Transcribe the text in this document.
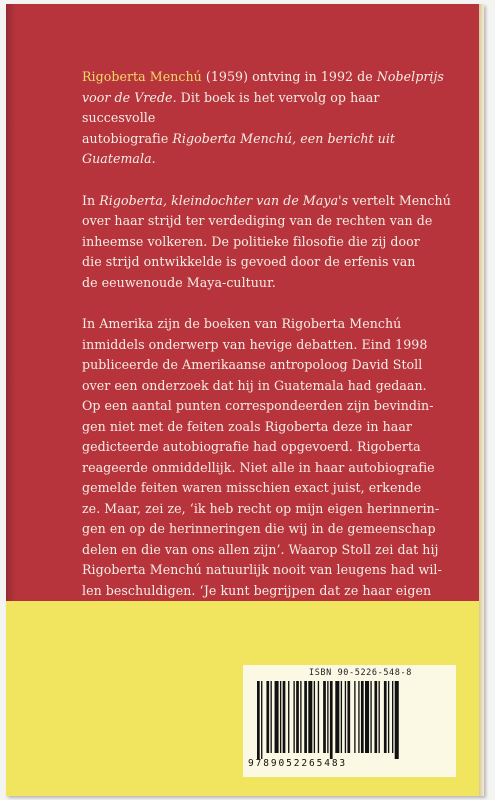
Rigoberta Menchú (1959) ontving in 1992 de Nobelprijs
voor de Vrede. Dit boek is het vervolg op haar succesvolle
autobiografie Rigoberta Menchú, een bericht uit Guatemala.

In Rigoberta, kleindochter van de Maya's vertelt Menchú
over haar strijd ter verdediging van de rechten van de
inheemse volkeren. De politieke filosofie die zij door
die strijd ontwikkelde is gevoed door de erfenis van
de eeuwenoude Maya-cultuur.

In Amerika zijn de boeken van Rigoberta Menchú
inmiddels onderwerp van hevige debatten. Eind 1998
publiceerde de Amerikaanse antropoloog David Stoll
over een onderzoek dat hij in Guatemala had gedaan.
Op een aantal punten correspondeerden zijn bevindin-
gen niet met de feiten zoals Rigoberta deze in haar
gedicteerde autobiografie had opgevoerd. Rigoberta
reageerde onmiddellijk. Niet alle in haar autobiografie
gemelde feiten waren misschien exact juist, erkende
ze. Maar, zei ze, ‘ik heb recht op mijn eigen herinnerin-
gen en op de herinneringen die wij in de gemeenschap
delen en die van ons allen zijn’. Waarop Stoll zei dat hij
Rigoberta Menchú natuurlijk nooit van leugens had wil-
len beschuldigen. ‘Je kunt begrijpen dat ze haar eigen

ISBN 90-5226-548-8
9789052265483
